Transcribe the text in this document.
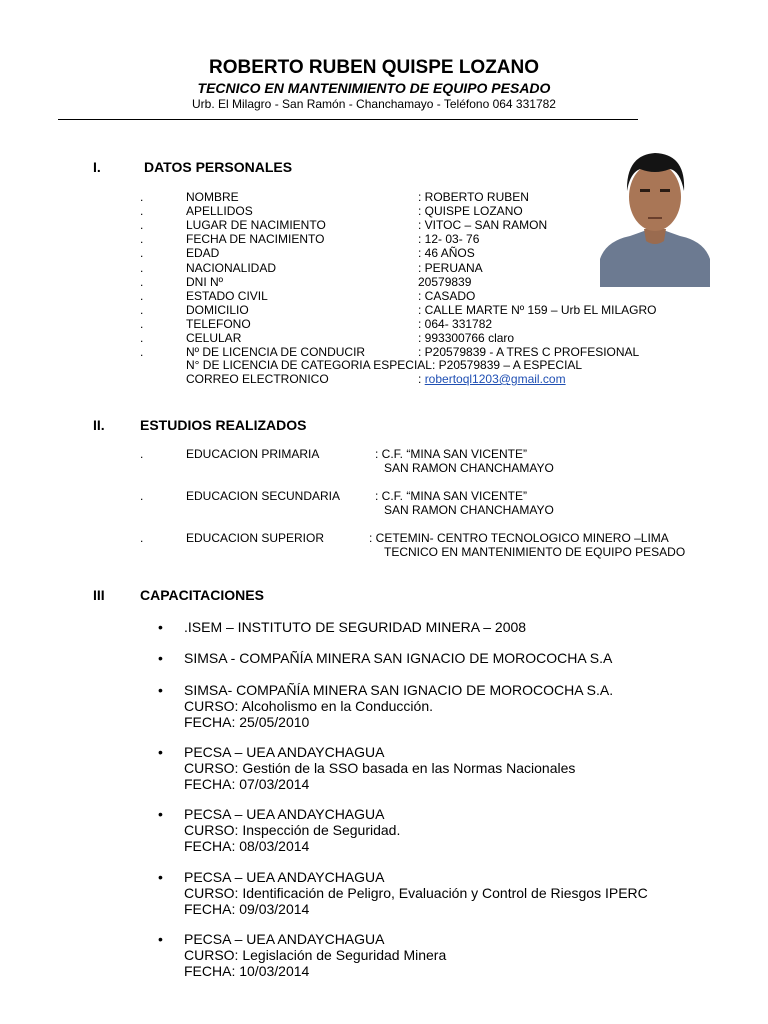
ROBERTO RUBEN QUISPE LOZANO
TECNICO EN MANTENIMIENTO DE EQUIPO PESADO
Urb. El Milagro - San Ramón - Chanchamayo - Teléfono 064 331782
I.	DATOS PERSONALES
.	NOMBRE	: ROBERTO RUBEN
.	APELLIDOS	: QUISPE LOZANO
.	LUGAR DE NACIMIENTO	: VITOC – SAN RAMON
.	FECHA DE NACIMIENTO	: 12- 03- 76
.	EDAD	: 46 AÑOS
.	NACIONALIDAD	: PERUANA
.	DNI Nº	20579839
.	ESTADO CIVIL	: CASADO
.	DOMICILIO	: CALLE MARTE Nº 159 – Urb EL MILAGRO
.	TELEFONO	: 064- 331782
.	CELULAR	: 993300766 claro
.	Nº DE LICENCIA DE CONDUCIR	: P20579839 - A TRES C PROFESIONAL
N° DE LICENCIA DE CATEGORIA ESPECIAL: P20579839 – A ESPECIAL
CORREO ELECTRONICO	: robertoql1203@gmail.com
II.	ESTUDIOS REALIZADOS
.	EDUCACION PRIMARIA	: C.F. “MINA SAN VICENTE”
SAN RAMON CHANCHAMAYO
.	EDUCACION SECUNDARIA	: C.F. “MINA SAN VICENTE”
SAN RAMON CHANCHAMAYO
.	EDUCACION SUPERIOR	: CETEMIN- CENTRO TECNOLOGICO MINERO –LIMA
TECNICO EN MANTENIMIENTO DE EQUIPO PESADO
III	CAPACITACIONES
• .ISEM – INSTITUTO DE SEGURIDAD MINERA – 2008
• SIMSA - COMPAÑÍA MINERA SAN IGNACIO DE MOROCOCHA S.A
• SIMSA- COMPAÑÍA MINERA SAN IGNACIO DE MOROCOCHA S.A.
CURSO: Alcoholismo en la Conducción.
FECHA: 25/05/2010
• PECSA – UEA ANDAYCHAGUA
CURSO: Gestión de la SSO basada en las Normas Nacionales
FECHA: 07/03/2014
• PECSA – UEA ANDAYCHAGUA
CURSO: Inspección de Seguridad.
FECHA: 08/03/2014
• PECSA – UEA ANDAYCHAGUA
CURSO: Identificación de Peligro, Evaluación y Control de Riesgos IPERC
FECHA: 09/03/2014
• PECSA – UEA ANDAYCHAGUA
CURSO: Legislación de Seguridad Minera
FECHA: 10/03/2014
